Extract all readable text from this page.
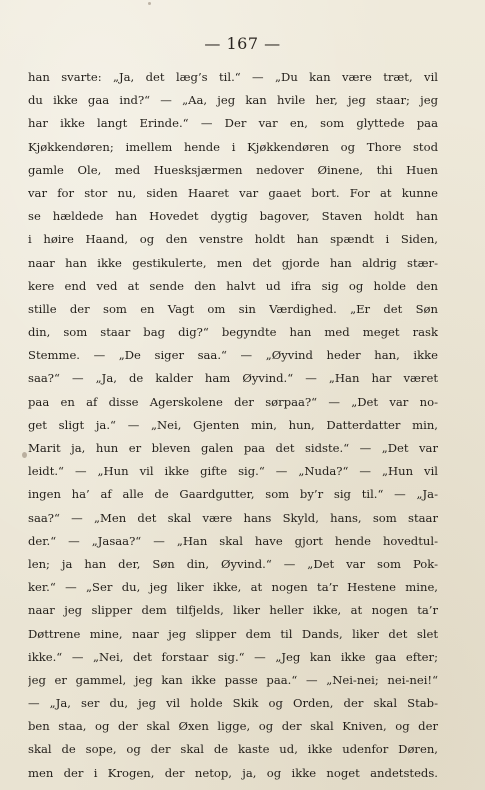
— 167 —
han svarte: „Ja, det læg’s til.“ — „Du kan være træt, vil
du ikke gaa ind?“ — „Aa, jeg kan hvile her, jeg staar; jeg
har ikke langt Erinde.“ — Der var en, som glyttede paa
Kjøkkendøren; imellem hende i Kjøkkendøren og Thore stod
gamle Ole, med Huesksjærmen nedover Øinene, thi Huen
var for stor nu, siden Haaret var gaaet bort. For at kunne
se hældede han Hovedet dygtig bagover, Staven holdt han
i høire Haand, og den venstre holdt han spændt i Siden,
naar han ikke gestikulerte, men det gjorde han aldrig stær-
kere end ved at sende den halvt ud ifra sig og holde den
stille der som en Vagt om sin Værdighed. „Er det Søn
din, som staar bag dig?“ begyndte han med meget rask
Stemme. — „De siger saa.“ — „Øyvind heder han, ikke
saa?“ — „Ja, de kalder ham Øyvind.“ — „Han har været
paa en af disse Agerskolene der sørpaa?“ — „Det var no-
get sligt ja.“ — „Nei, Gjenten min, hun, Datterdatter min,
Marit ja, hun er bleven galen paa det sidste.“ — „Det var
leidt.“ — „Hun vil ikke gifte sig.“ — „Nuda?“ — „Hun vil
ingen ha’ af alle de Gaardgutter, som by’r sig til.“ — „Ja-
saa?“ — „Men det skal være hans Skyld, hans, som staar
der.“ — „Jasaa?“ — „Han skal have gjort hende hovedtul-
len; ja han der, Søn din, Øyvind.“ — „Det var som Pok-
ker.“ — „Ser du, jeg liker ikke, at nogen ta’r Hestene mine,
naar jeg slipper dem tilfjelds, liker heller ikke, at nogen ta’r
Døttrene mine, naar jeg slipper dem til Dands, liker det slet
ikke.“ — „Nei, det forstaar sig.“ — „Jeg kan ikke gaa efter;
jeg er gammel, jeg kan ikke passe paa.“ — „Nei-nei; nei-nei!“
— „Ja, ser du, jeg vil holde Skik og Orden, der skal Stab-
ben staa, og der skal Øxen ligge, og der skal Kniven, og der
skal de sope, og der skal de kaste ud, ikke udenfor Døren,
men der i Krogen, der netop, ja, og ikke noget andetsteds.
